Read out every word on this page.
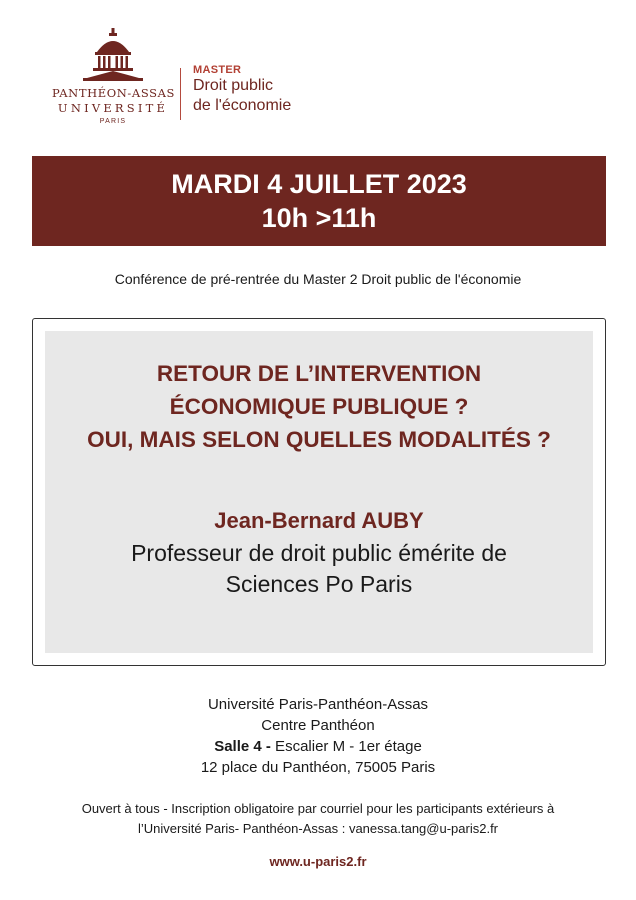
PANTHÉON-ASSAS
UNIVERSITÉ
PARIS
MASTER
Droit public
de l'économie
MARDI 4 JUILLET 2023
10h >11h
Conférence de pré-rentrée du Master 2 Droit public de l'économie
RETOUR DE L’INTERVENTION
ÉCONOMIQUE PUBLIQUE ?
OUI, MAIS SELON QUELLES MODALITÉS ?
Jean-Bernard AUBY
Professeur de droit public émérite de
Sciences Po Paris
Université Paris-Panthéon-Assas
Centre Panthéon
Salle 4 - Escalier M - 1er étage
12 place du Panthéon, 75005 Paris
Ouvert à tous - Inscription obligatoire par courriel pour les participants extérieurs à
l’Université Paris- Panthéon-Assas : vanessa.tang@u-paris2.fr
www.u-paris2.fr
